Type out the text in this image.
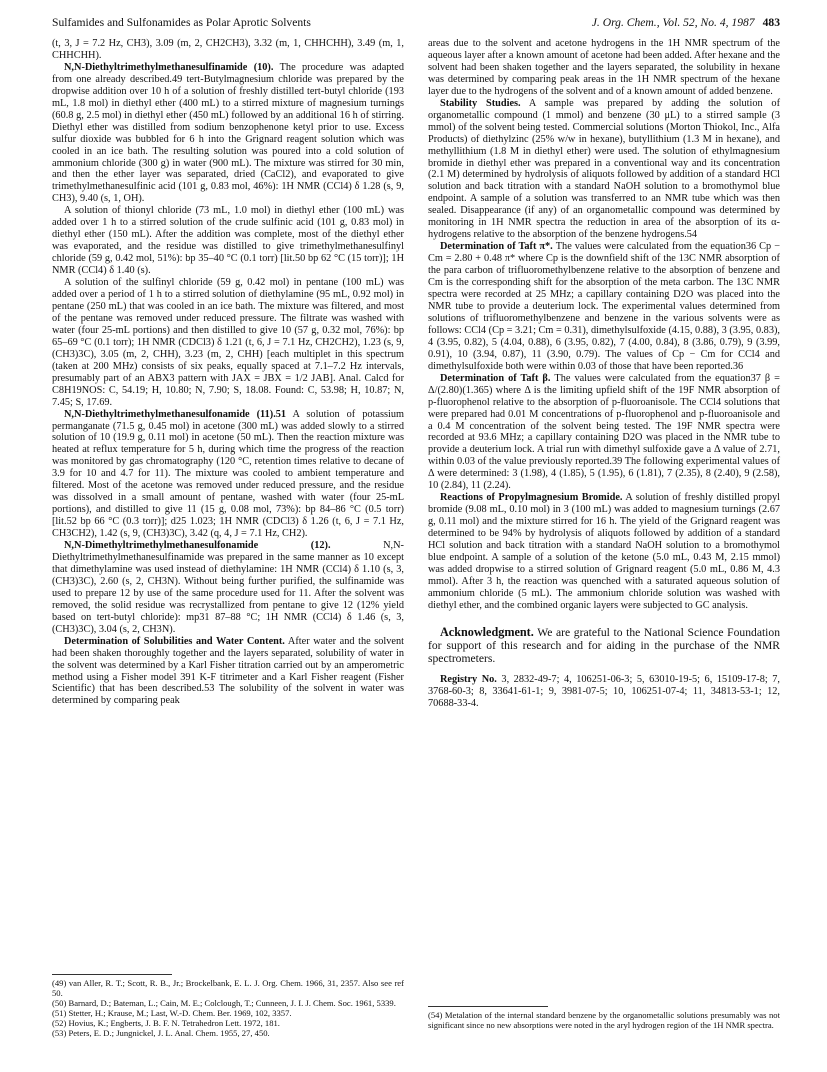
Sulfamides and Sulfonamides as Polar Aprotic Solvents	J. Org. Chem., Vol. 52, No. 4, 1987 483

(t, 3, J = 7.2 Hz, CH3), 3.09 (m, 2, CH2CH3), 3.32 (m, 1, CHHCHH), 3.49 (m, 1, CHHCHH).

N,N-Diethyltrimethylmethanesulfinamide (10). The procedure was adapted from one already described.49 tert-Butylmagnesium chloride was prepared by the dropwise addition over 10 h of a solution of freshly distilled tert-butyl chloride (193 mL, 1.8 mol) in diethyl ether (400 mL) to a stirred mixture of magnesium turnings (60.8 g, 2.5 mol) in diethyl ether (450 mL) followed by an additional 16 h of stirring. Diethyl ether was distilled from sodium benzophenone ketyl prior to use. Excess sulfur dioxide was bubbled for 6 h into the Grignard reagent solution which was cooled in an ice bath. The resulting solution was poured into a cold solution of ammonium chloride (300 g) in water (900 mL). The mixture was stirred for 30 min, and then the ether layer was separated, dried (CaCl2), and evaporated to give trimethylmethanesulfinic acid (101 g, 0.83 mol, 46%): 1H NMR (CCl4) δ 1.28 (s, 9, CH3), 9.40 (s, 1, OH).

A solution of thionyl chloride (73 mL, 1.0 mol) in diethyl ether (100 mL) was added over 1 h to a stirred solution of the crude sulfinic acid (101 g, 0.83 mol) in diethyl ether (150 mL). After the addition was complete, most of the diethyl ether was evaporated, and the residue was distilled to give trimethylmethanesulfinyl chloride (59 g, 0.42 mol, 51%): bp 35–40 °C (0.1 torr) [lit.50 bp 62 °C (15 torr)]; 1H NMR (CCl4) δ 1.40 (s).

A solution of the sulfinyl chloride (59 g, 0.42 mol) in pentane (100 mL) was added over a period of 1 h to a stirred solution of diethylamine (95 mL, 0.92 mol) in pentane (250 mL) that was cooled in an ice bath. The mixture was filtered, and most of the pentane was removed under reduced pressure. The filtrate was washed with water (four 25-mL portions) and then distilled to give 10 (57 g, 0.32 mol, 76%): bp 65–69 °C (0.1 torr); 1H NMR (CDCl3) δ 1.21 (t, 6, J = 7.1 Hz, CH2CH2), 1.23 (s, 9, (CH3)3C), 3.05 (m, 2, CHH), 3.23 (m, 2, CHH) [each multiplet in this spectrum (taken at 200 MHz) consists of six peaks, equally spaced at 7.1–7.2 Hz intervals, presumably part of an ABX3 pattern with JAX = JBX = 1/2 JAB]. Anal. Calcd for C8H19NOS: C, 54.19; H, 10.80; N, 7.90; S, 18.08. Found: C, 53.98; H, 10.87; N, 7.45; S, 17.69.

N,N-Diethyltrimethylmethanesulfonamide (11).51 A solution of potassium permanganate (71.5 g, 0.45 mol) in acetone (300 mL) was added slowly to a stirred solution of 10 (19.9 g, 0.11 mol) in acetone (50 mL). Then the reaction mixture was heated at reflux temperature for 5 h, during which time the progress of the reaction was monitored by gas chromatography (120 °C, retention times relative to decane of 3.9 for 10 and 4.7 for 11). The mixture was cooled to ambient temperature and filtered. Most of the acetone was removed under reduced pressure, and the residue was dissolved in a small amount of pentane, washed with water (four 25-mL portions), and distilled to give 11 (15 g, 0.08 mol, 73%): bp 84–86 °C (0.5 torr) [lit.52 bp 66 °C (0.3 torr)]; d25 1.023; 1H NMR (CDCl3) δ 1.26 (t, 6, J = 7.1 Hz, CH3CH2), 1.42 (s, 9, (CH3)3C), 3.42 (q, 4, J = 7.1 Hz, CH2).

N,N-Dimethyltrimethylmethanesulfonamide (12). N,N-Diethyltrimethylmethanesulfinamide was prepared in the same manner as 10 except that dimethylamine was used instead of diethylamine: 1H NMR (CCl4) δ 1.10 (s, 3, (CH3)3C), 2.60 (s, 2, CH3N). Without being further purified, the sulfinamide was used to prepare 12 by use of the same procedure used for 11. After the solvent was removed, the solid residue was recrystallized from pentane to give 12 (12% yield based on tert-butyl chloride): mp31 87–88 °C; 1H NMR (CCl4) δ 1.46 (s, 3, (CH3)3C), 3.04 (s, 2, CH3N).

Determination of Solubilities and Water Content. After water and the solvent had been shaken thoroughly together and the layers separated, solubility of water in the solvent was determined by a Karl Fisher titration carried out by an amperometric method using a Fisher model 391 K-F titrimeter and a Karl Fisher reagent (Fisher Scientific) that has been described.53 The solubility of the solvent in water was determined by comparing peak

areas due to the solvent and acetone hydrogens in the 1H NMR spectrum of the aqueous layer after a known amount of acetone had been added. After hexane and the solvent had been shaken together and the layers separated, the solubility in hexane was determined by comparing peak areas in the 1H NMR spectrum of the hexane layer due to the hydrogens of the solvent and of a known amount of added benzene.

Stability Studies. A sample was prepared by adding the solution of organometallic compound (1 mmol) and benzene (30 μL) to a stirred sample (3 mmol) of the solvent being tested. Commercial solutions (Morton Thiokol, Inc., Alfa Products) of diethylzinc (25% w/w in hexane), butyllithium (1.3 M in hexane), and methyllithium (1.8 M in diethyl ether) were used. The solution of ethylmagnesium bromide in diethyl ether was prepared in a conventional way and its concentration (2.1 M) determined by hydrolysis of aliquots followed by addition of a standard HCl solution and back titration with a standard NaOH solution to a bromothymol blue endpoint. A sample of a solution was transferred to an NMR tube which was then sealed. Disappearance (if any) of an organometallic compound was determined by monitoring in 1H NMR spectra the reduction in area of the absorption of its α-hydrogens relative to the absorption of the benzene hydrogens.54

Determination of Taft π*. The values were calculated from the equation36 Cp − Cm = 2.80 + 0.48 π* where Cp is the downfield shift of the 13C NMR absorption of the para carbon of trifluoromethylbenzene relative to the absorption of benzene and Cm is the corresponding shift for the absorption of the meta carbon. The 13C NMR spectra were recorded at 25 MHz; a capillary containing D2O was placed into the NMR tube to provide a deuterium lock. The experimental values determined from solutions of trifluoromethylbenzene and benzene in the various solvents were as follows: CCl4 (Cp = 3.21; Cm = 0.31), dimethylsulfoxide (4.15, 0.88), 3 (3.95, 0.83), 4 (3.95, 0.82), 5 (4.04, 0.88), 6 (3.95, 0.82), 7 (4.00, 0.84), 8 (3.86, 0.79), 9 (3.99, 0.91), 10 (3.94, 0.87), 11 (3.90, 0.79). The values of Cp − Cm for CCl4 and dimethylsulfoxide both were within 0.03 of those that have been reported.36

Determination of Taft β. The values were calculated from the equation37 β = Δ/(2.80)(1.365) where Δ is the limiting upfield shift of the 19F NMR absorption of p-fluorophenol relative to the absorption of p-fluoroanisole. The CCl4 solutions that were prepared had 0.01 M concentrations of p-fluorophenol and p-fluoroanisole and a 0.4 M concentration of the solvent being tested. The 19F NMR spectra were recorded at 93.6 MHz; a capillary containing D2O was placed in the NMR tube to provide a deuterium lock. A trial run with dimethyl sulfoxide gave a Δ value of 2.71, within 0.03 of the value previously reported.39 The following experimental values of Δ were determined: 3 (1.98), 4 (1.85), 5 (1.95), 6 (1.81), 7 (2.35), 8 (2.40), 9 (2.58), 10 (2.84), 11 (2.24).

Reactions of Propylmagnesium Bromide. A solution of freshly distilled propyl bromide (9.08 mL, 0.10 mol) in 3 (100 mL) was added to magnesium turnings (2.67 g, 0.11 mol) and the mixture stirred for 16 h. The yield of the Grignard reagent was determined to be 94% by hydrolysis of aliquots followed by addition of a standard HCl solution and back titration with a standard NaOH solution to a bromothymol blue endpoint. A sample of a solution of the ketone (5.0 mL, 0.43 M, 2.15 mmol) was added dropwise to a stirred solution of Grignard reagent (5.0 mL, 0.86 M, 4.3 mmol). After 3 h, the reaction was quenched with a saturated aqueous solution of ammonium chloride (5 mL). The ammonium chloride solution was washed with diethyl ether, and the combined organic layers were subjected to GC analysis.

Acknowledgment. We are grateful to the National Science Foundation for support of this research and for aiding in the purchase of the NMR spectrometers.

Registry No. 3, 2832-49-7; 4, 106251-06-3; 5, 63010-19-5; 6, 15109-17-8; 7, 3768-60-3; 8, 33641-61-1; 9, 3981-07-5; 10, 106251-07-4; 11, 34813-53-1; 12, 70688-33-4.

(49) van Aller, R. T.; Scott, R. B., Jr.; Brockelbank, E. L. J. Org. Chem. 1966, 31, 2357. Also see ref 50.

(50) Barnard, D.; Bateman, L.; Cain, M. E.; Colclough, T.; Cunneen, J. I. J. Chem. Soc. 1961, 5339.

(51) Stetter, H.; Krause, M.; Last, W.-D. Chem. Ber. 1969, 102, 3357.

(52) Hovius, K.; Engberts, J. B. F. N. Tetrahedron Lett. 1972, 181.

(53) Peters, E. D.; Jungnickel, J. L. Anal. Chem. 1955, 27, 450.

(54) Metalation of the internal standard benzene by the organometallic solutions presumably was not significant since no new absorptions were noted in the aryl hydrogen region of the 1H NMR spectra.
